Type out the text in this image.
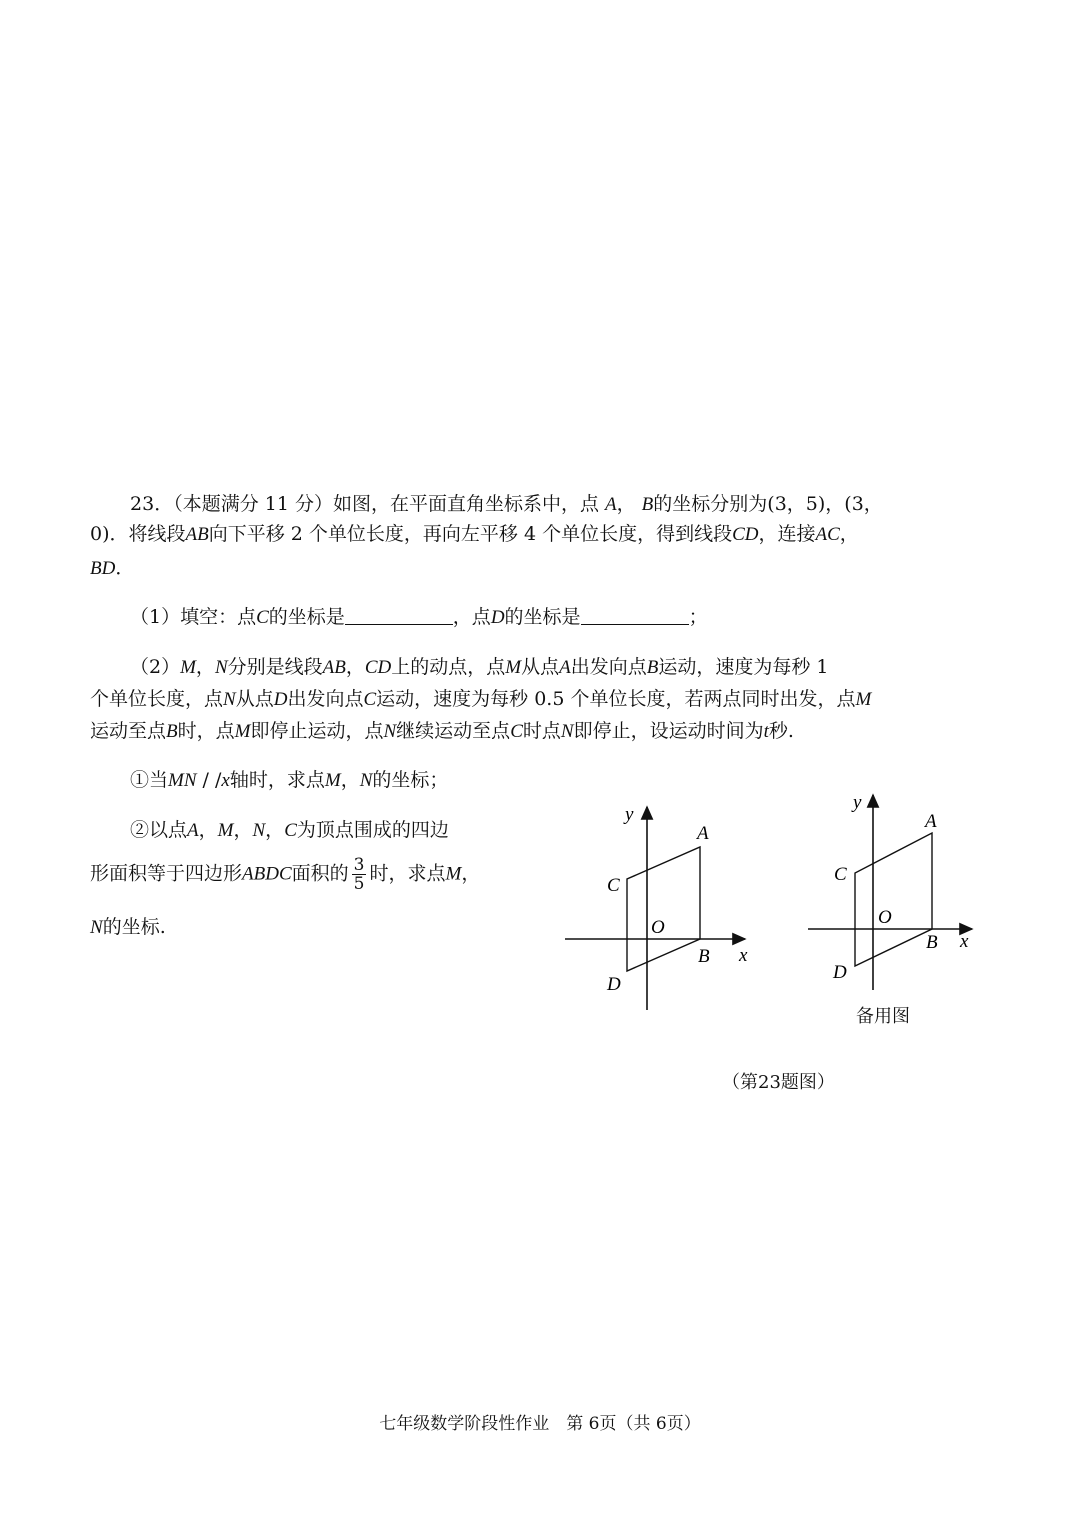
23．（本题满分 11 分）如图，在平面直角坐标系中，点 A， B的坐标分别为(3，5)，(3，
0)．将线段AB向下平移 2 个单位长度，再向左平移 4 个单位长度，得到线段CD，连接AC，
BD．
（1）填空：点C的坐标是	，点D的坐标是	；
（2）M，N分别是线段AB，CD上的动点，点M从点A出发向点B运动，速度为每秒 1
个单位长度，点N从点D出发向点C运动，速度为每秒 0.5 个单位长度，若两点同时出发，点M
运动至点B时，点M即停止运动，点N继续运动至点C时点N即停止，设运动时间为t秒.
①当MN / /x轴时，求点M，N的坐标；
②以点A，M，N，C为顶点围成的四边
形面积等于四边形ABDC面积的 $\frac{3}{5}$ 时，求点M，
N的坐标.
y
A
C
O
B x
D
y
A
C
O
B x
D
备用图
（第23题图）
七年级数学阶段性作业　第 6页（共 6页）
